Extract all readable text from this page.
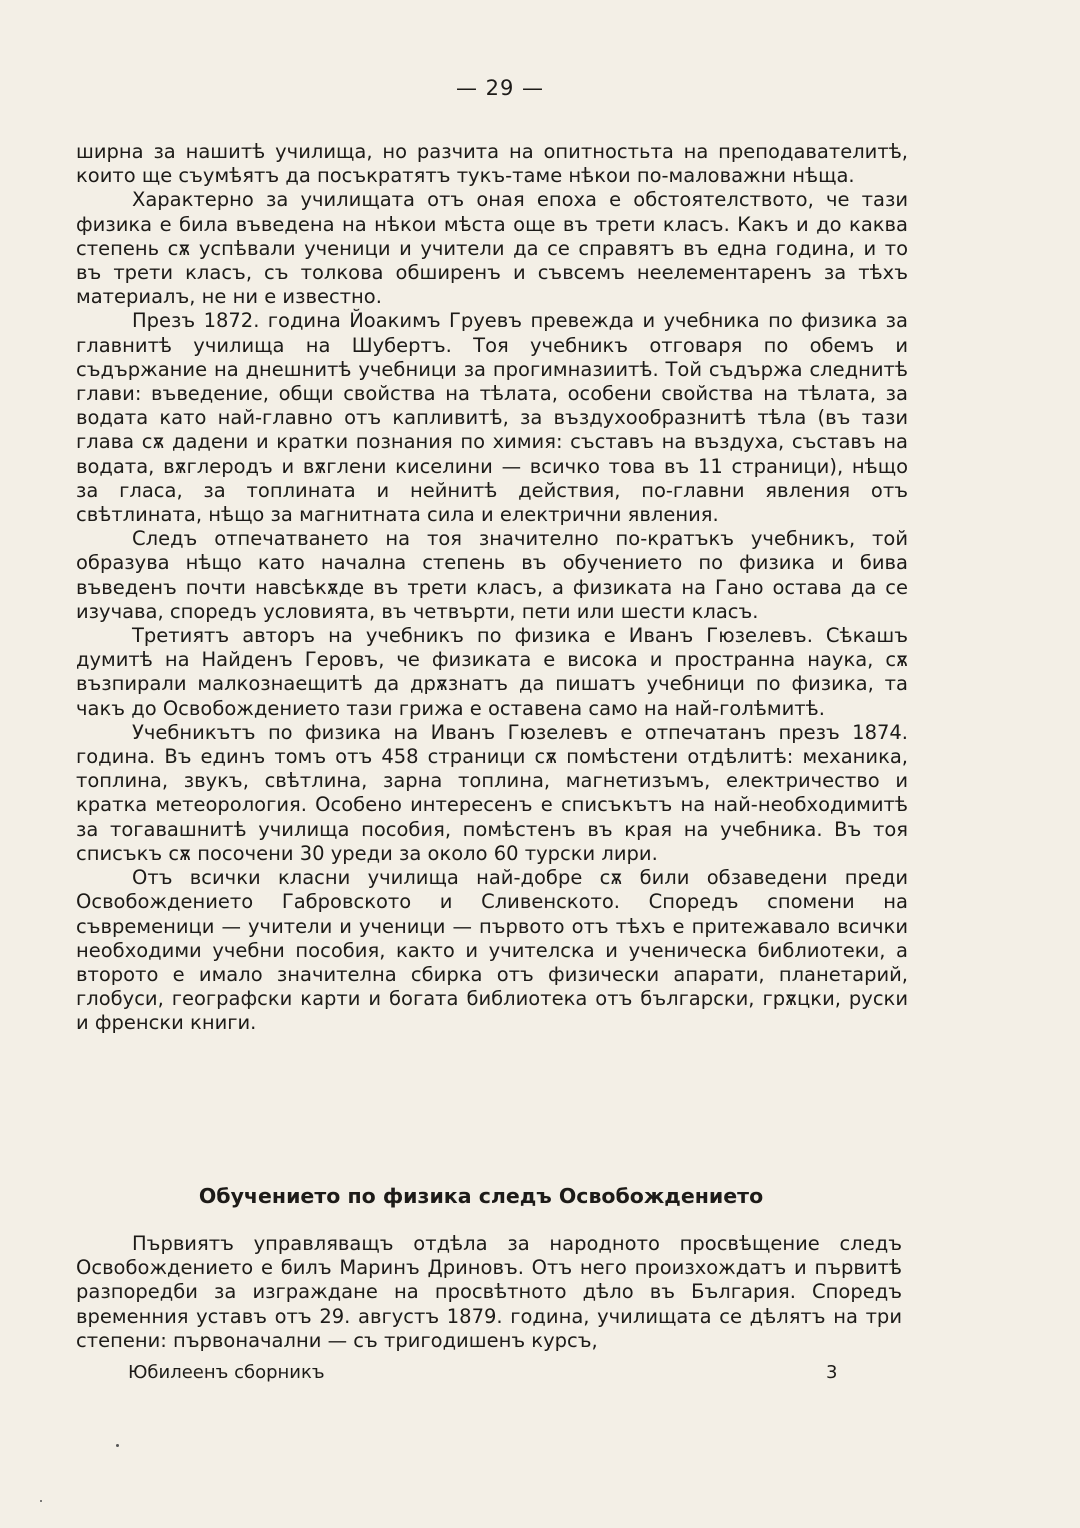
— 29 —

ширна за нашитѣ училища, но разчита на опитностьта на преподавателитѣ, които ще съумѣятъ да посъкратятъ тукъ-таме нѣкои по-маловажни нѣща.

Характерно за училищата отъ оная епоха е обстоятелството, че тази физика е била въведена на нѣкои мѣста още въ трети класъ. Какъ и до каква степень сѫ успѣвали ученици и учители да се справятъ въ една година, и то въ трети класъ, съ толкова обширенъ и съвсемъ неелементаренъ за тѣхъ материалъ, не ни е известно.

Презъ 1872. година Йоакимъ Груевъ превежда и учебника по физика за главнитѣ училища на Шубертъ. Тоя учебникъ отговаря по обемъ и съдържание на днешнитѣ учебници за прогимназиитѣ. Той съдържа следнитѣ глави: въведение, общи свойства на тѣлата, особени свойства на тѣлата, за водата като най-главно отъ капливитѣ, за въздухообразнитѣ тѣла (въ тази глава сѫ дадени и кратки познания по химия: съставъ на въздуха, съставъ на водата, вѫглеродъ и вѫглени киселини — всичко това въ 11 страници), нѣщо за гласа, за топлината и нейнитѣ действия, по-главни явления отъ свѣтлината, нѣщо за магнитната сила и електрични явления.

Следъ отпечатването на тоя значително по-кратъкъ учебникъ, той образува нѣщо като начална степень въ обучението по физика и бива въведенъ почти навсѣкѫде въ трети класъ, а физиката на Гано остава да се изучава, споредъ условията, въ четвърти, пети или шести класъ.

Третиятъ авторъ на учебникъ по физика е Иванъ Гюзелевъ. Сѣкашъ думитѣ на Найденъ Геровъ, че физиката е висока и пространна наука, сѫ възпирали малкознаещитѣ да дрѫзнатъ да пишатъ учебници по физика, та чакъ до Освобождението тази грижа е оставена само на най-голѣмитѣ.

Учебникътъ по физика на Иванъ Гюзелевъ е отпечатанъ презъ 1874. година. Въ единъ томъ отъ 458 страници сѫ помѣстени отдѣлитѣ: механика, топлина, звукъ, свѣтлина, зарна топлина, магнетизъмъ, електричество и кратка метеорология. Особено интересенъ е списъкътъ на най-необходимитѣ за тогавашнитѣ училища пособия, помѣстенъ въ края на учебника. Въ тоя списъкъ сѫ посочени 30 уреди за около 60 турски лири.

Отъ всички класни училища най-добре сѫ били обзаведени преди Освобождението Габровското и Сливенското. Споредъ спомени на съвременици — учители и ученици — първото отъ тѣхъ е притежавало всички необходими учебни пособия, както и учителска и ученическа библиотеки, а второто е имало значителна сбирка отъ физически апарати, планетарий, глобуси, географски карти и богата библиотека отъ български, грѫцки, руски и френски книги.

Обучението по физика следъ Освобождението

Първиятъ управляващъ отдѣла за народното просвѣщение следъ Освобождението е билъ Маринъ Дриновъ. Отъ него произхождатъ и първитѣ разпоредби за изграждане на просвѣтното дѣло въ България. Споредъ временния уставъ отъ 29. августъ 1879. година, училищата се дѣлятъ на три степени: първоначални — съ тригодишенъ курсъ,

Юбилеенъ сборникъ	3
